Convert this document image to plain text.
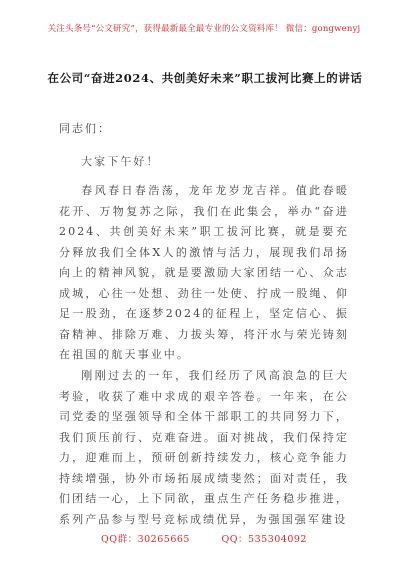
关注头条号“公文研究”，获得最新最全最专业的公文资料库！ 微信：gongwenyj
在公司“奋进2024、共创美好未来”职工拔河比赛上的讲话
同志们：

大家下午好！

春风春日春浩荡，龙年龙岁龙吉祥。值此春暖花开、万物复苏之际，我们在此集会，举办“奋进2024、共创美好未来”职工拔河比赛，就是要充分释放我们全体X人的激情与活力，展现我们昂扬向上的精神风貌，就是要激励大家团结一心、众志成城，心往一处想、劲往一处使、拧成一股绳、仰足一股劲，在逐梦2024的征程上，坚定信心、振奋精神、排除万难、力拔头筹，将汗水与荣光铸刻在祖国的航天事业中。

刚刚过去的一年，我们经历了风高浪急的巨大考验，收获了难中求成的艰辛答卷。一年来，在公司党委的坚强领导和全体干部职工的共同努力下，我们顶压前行、克难奋进。面对挑战，我们保持定力，迎难而上，预研创新持续发力，核心竞争能力持续增强，协外市场拓展成绩斐然；面对责任，我们团结一心，上下同欲，重点生产任务稳步推进，系列产品参与型号竞标成绩优异，为强国强军建设

QQ群：30265665	QQ：535304092
